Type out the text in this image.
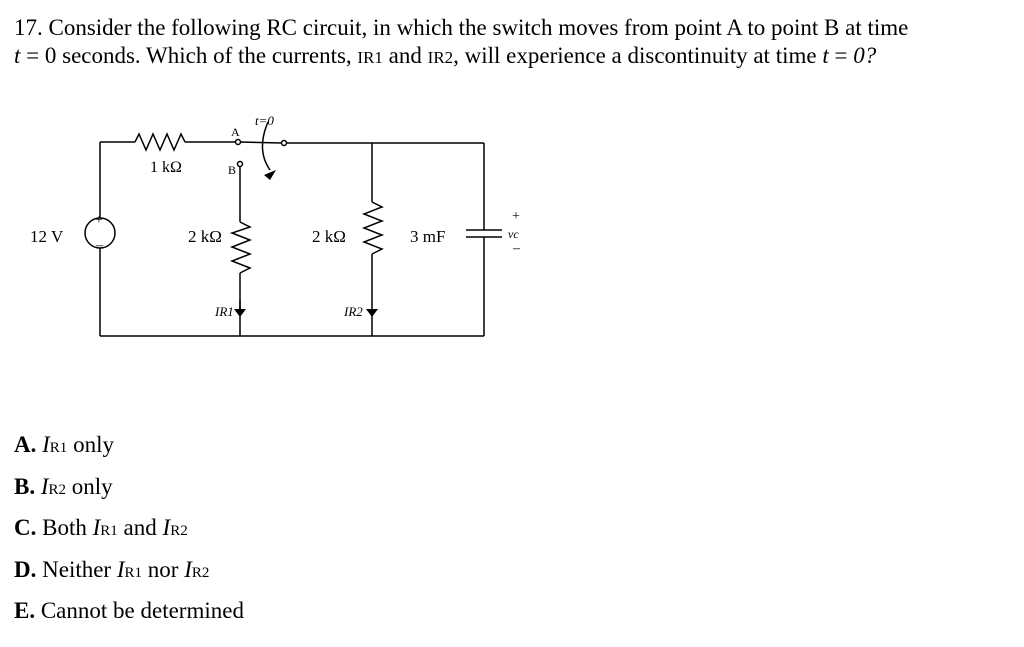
17. Consider the following RC circuit, in which the switch moves from point A to point B at time
t = 0 seconds. Which of the currents, IR1 and IR2, will experience a discontinuity at time t = 0?
12 V
+
–
1 kΩ
t=0
A
B
2 kΩ	2 kΩ	3 mF
+
vc
–
IR1	IR2
A. IR1 only
B. IR2 only
C. Both IR1 and IR2
D. Neither IR1 nor IR2
E. Cannot be determined
